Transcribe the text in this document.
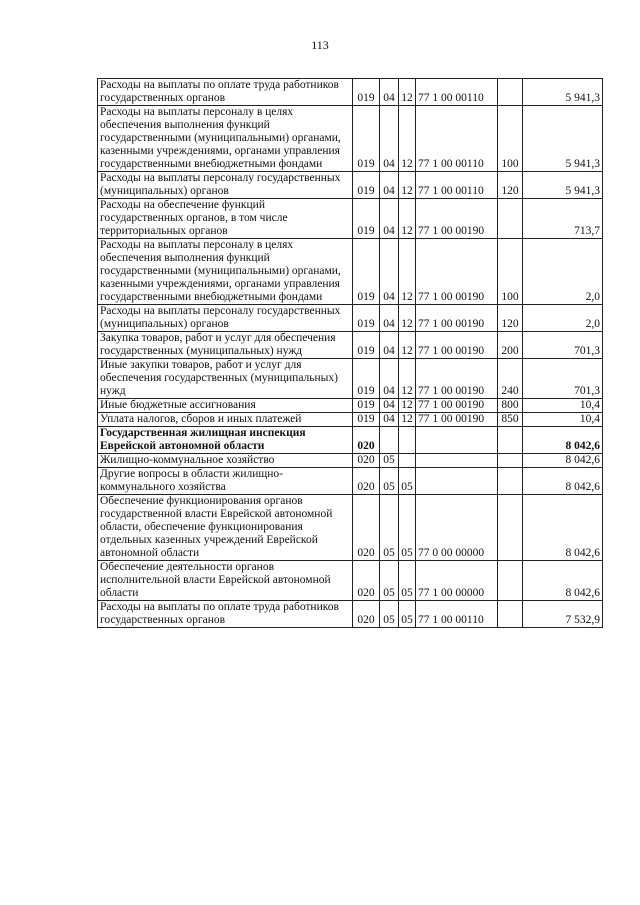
113
Расходы на выплаты по оплате труда работников государственных органов	019	04	12	77 1 00 00110		5 941,3
Расходы на выплаты персоналу в целях обеспечения выполнения функций государственными (муниципальными) органами, казенными учреждениями, органами управления государственными внебюджетными фондами	019	04	12	77 1 00 00110	100	5 941,3
Расходы на выплаты персоналу государственных (муниципальных) органов	019	04	12	77 1 00 00110	120	5 941,3
Расходы на обеспечение функций государственных органов, в том числе территориальных органов	019	04	12	77 1 00 00190		713,7
Расходы на выплаты персоналу в целях обеспечения выполнения функций государственными (муниципальными) органами, казенными учреждениями, органами управления государственными внебюджетными фондами	019	04	12	77 1 00 00190	100	2,0
Расходы на выплаты персоналу государственных (муниципальных) органов	019	04	12	77 1 00 00190	120	2,0
Закупка товаров, работ и услуг для обеспечения государственных (муниципальных) нужд	019	04	12	77 1 00 00190	200	701,3
Иные закупки товаров, работ и услуг для обеспечения государственных (муниципальных) нужд	019	04	12	77 1 00 00190	240	701,3
Иные бюджетные ассигнования	019	04	12	77 1 00 00190	800	10,4
Уплата налогов, сборов и иных платежей	019	04	12	77 1 00 00190	850	10,4
Государственная жилищная инспекция Еврейской автономной области	020					8 042,6
Жилищно-коммунальное хозяйство	020	05				8 042,6
Другие вопросы в области жилищно-коммунального хозяйства	020	05	05			8 042,6
Обеспечение функционирования органов государственной власти Еврейской автономной области, обеспечение функционирования отдельных казенных учреждений Еврейской автономной области	020	05	05	77 0 00 00000		8 042,6
Обеспечение деятельности органов исполнительной власти Еврейской автономной области	020	05	05	77 1 00 00000		8 042,6
Расходы на выплаты по оплате труда работников государственных органов	020	05	05	77 1 00 00110		7 532,9
